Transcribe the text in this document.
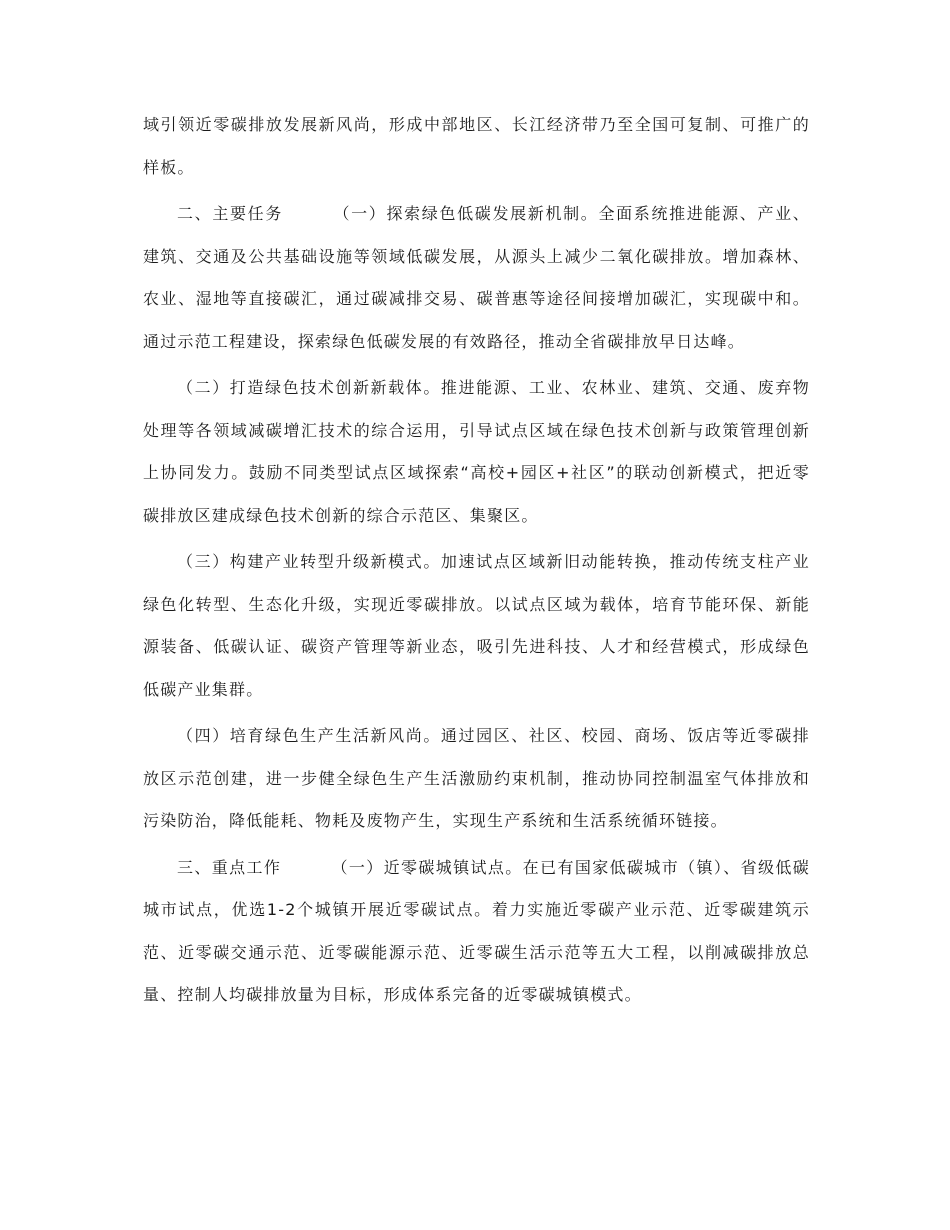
域引领近零碳排放发展新风尚，形成中部地区、长江经济带乃至全国可复制、可推广的样板。

二、主要任务	（一）探索绿色低碳发展新机制。全面系统推进能源、产业、建筑、交通及公共基础设施等领域低碳发展，从源头上减少二氧化碳排放。增加森林、农业、湿地等直接碳汇，通过碳减排交易、碳普惠等途径间接增加碳汇，实现碳中和。通过示范工程建设，探索绿色低碳发展的有效路径，推动全省碳排放早日达峰。

（二）打造绿色技术创新新载体。推进能源、工业、农林业、建筑、交通、废弃物处理等各领域减碳增汇技术的综合运用，引导试点区域在绿色技术创新与政策管理创新上协同发力。鼓励不同类型试点区域探索“高校+园区+社区”的联动创新模式，把近零碳排放区建成绿色技术创新的综合示范区、集聚区。

（三）构建产业转型升级新模式。加速试点区域新旧动能转换，推动传统支柱产业绿色化转型、生态化升级，实现近零碳排放。以试点区域为载体，培育节能环保、新能源装备、低碳认证、碳资产管理等新业态，吸引先进科技、人才和经营模式，形成绿色低碳产业集群。

（四）培育绿色生产生活新风尚。通过园区、社区、校园、商场、饭店等近零碳排放区示范创建，进一步健全绿色生产生活激励约束机制，推动协同控制温室气体排放和污染防治，降低能耗、物耗及废物产生，实现生产系统和生活系统循环链接。

三、重点工作	（一）近零碳城镇试点。在已有国家低碳城市（镇）、省级低碳城市试点，优选1-2个城镇开展近零碳试点。着力实施近零碳产业示范、近零碳建筑示范、近零碳交通示范、近零碳能源示范、近零碳生活示范等五大工程，以削减碳排放总量、控制人均碳排放量为目标，形成体系完备的近零碳城镇模式。
